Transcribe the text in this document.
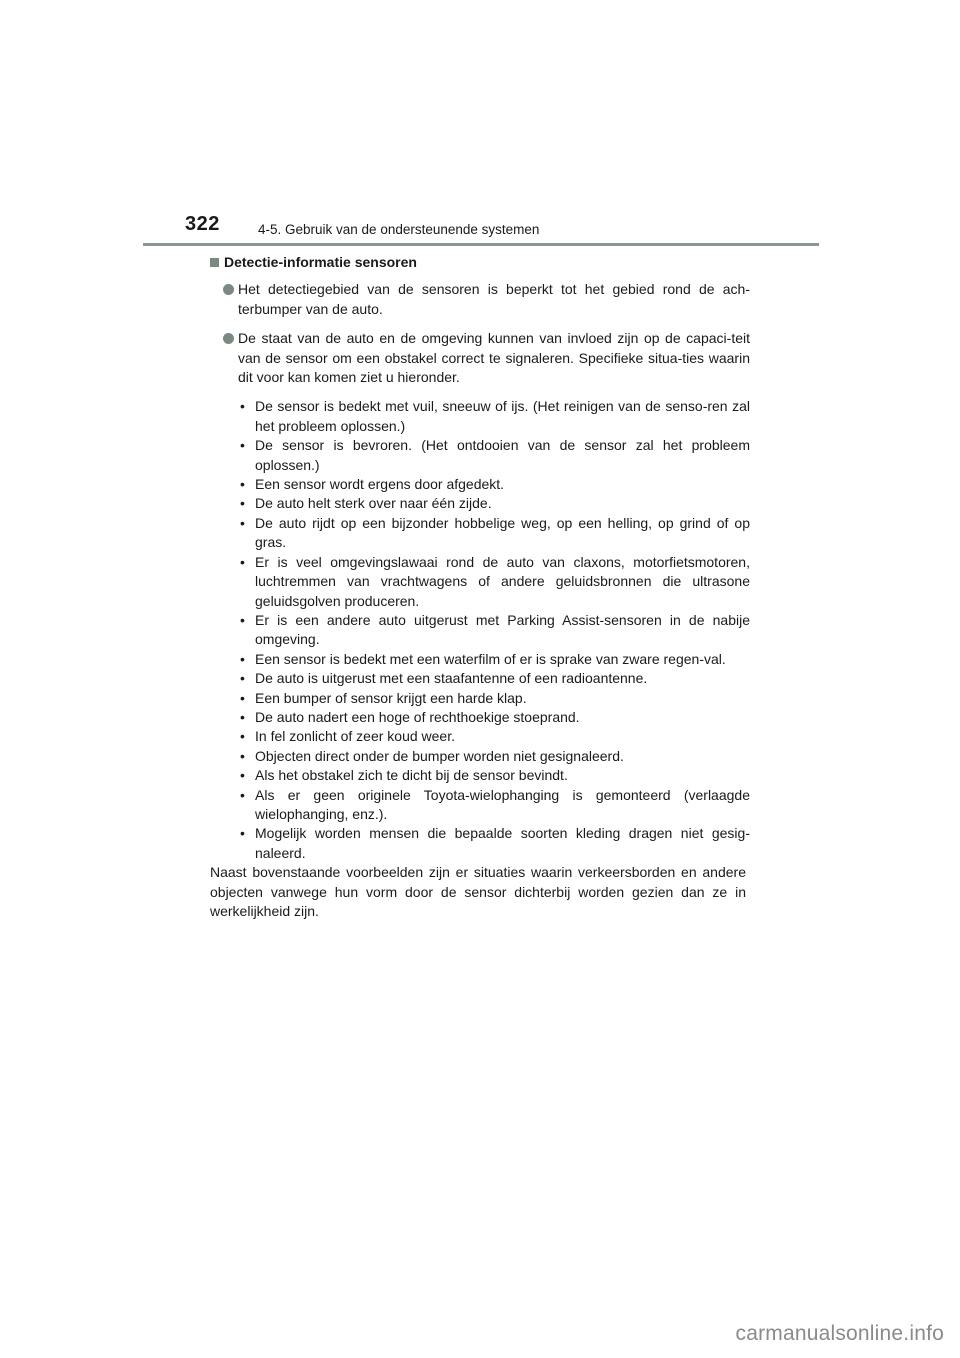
322	4-5. Gebruik van de ondersteunende systemen
Detectie-informatie sensoren
Het detectiegebied van de sensoren is beperkt tot het gebied rond de ach-terbumper van de auto.
De staat van de auto en de omgeving kunnen van invloed zijn op de capaci-teit van de sensor om een obstakel correct te signaleren. Specifieke situa-ties waarin dit voor kan komen ziet u hieronder.
• De sensor is bedekt met vuil, sneeuw of ijs. (Het reinigen van de senso-ren zal het probleem oplossen.)
• De sensor is bevroren. (Het ontdooien van de sensor zal het probleem oplossen.)
• Een sensor wordt ergens door afgedekt.
• De auto helt sterk over naar één zijde.
• De auto rijdt op een bijzonder hobbelige weg, op een helling, op grind of op gras.
• Er is veel omgevingslawaai rond de auto van claxons, motorfietsmotoren, luchtremmen van vrachtwagens of andere geluidsbronnen die ultrasone geluidsgolven produceren.
• Er is een andere auto uitgerust met Parking Assist-sensoren in de nabije omgeving.
• Een sensor is bedekt met een waterfilm of er is sprake van zware regen-val.
• De auto is uitgerust met een staafantenne of een radioantenne.
• Een bumper of sensor krijgt een harde klap.
• De auto nadert een hoge of rechthoekige stoeprand.
• In fel zonlicht of zeer koud weer.
• Objecten direct onder de bumper worden niet gesignaleerd.
• Als het obstakel zich te dicht bij de sensor bevindt.
• Als er geen originele Toyota-wielophanging is gemonteerd (verlaagde wielophanging, enz.).
• Mogelijk worden mensen die bepaalde soorten kleding dragen niet gesig-naleerd.
Naast bovenstaande voorbeelden zijn er situaties waarin verkeersborden en andere objecten vanwege hun vorm door de sensor dichterbij worden gezien dan ze in werkelijkheid zijn.
carmanualsonline.info
